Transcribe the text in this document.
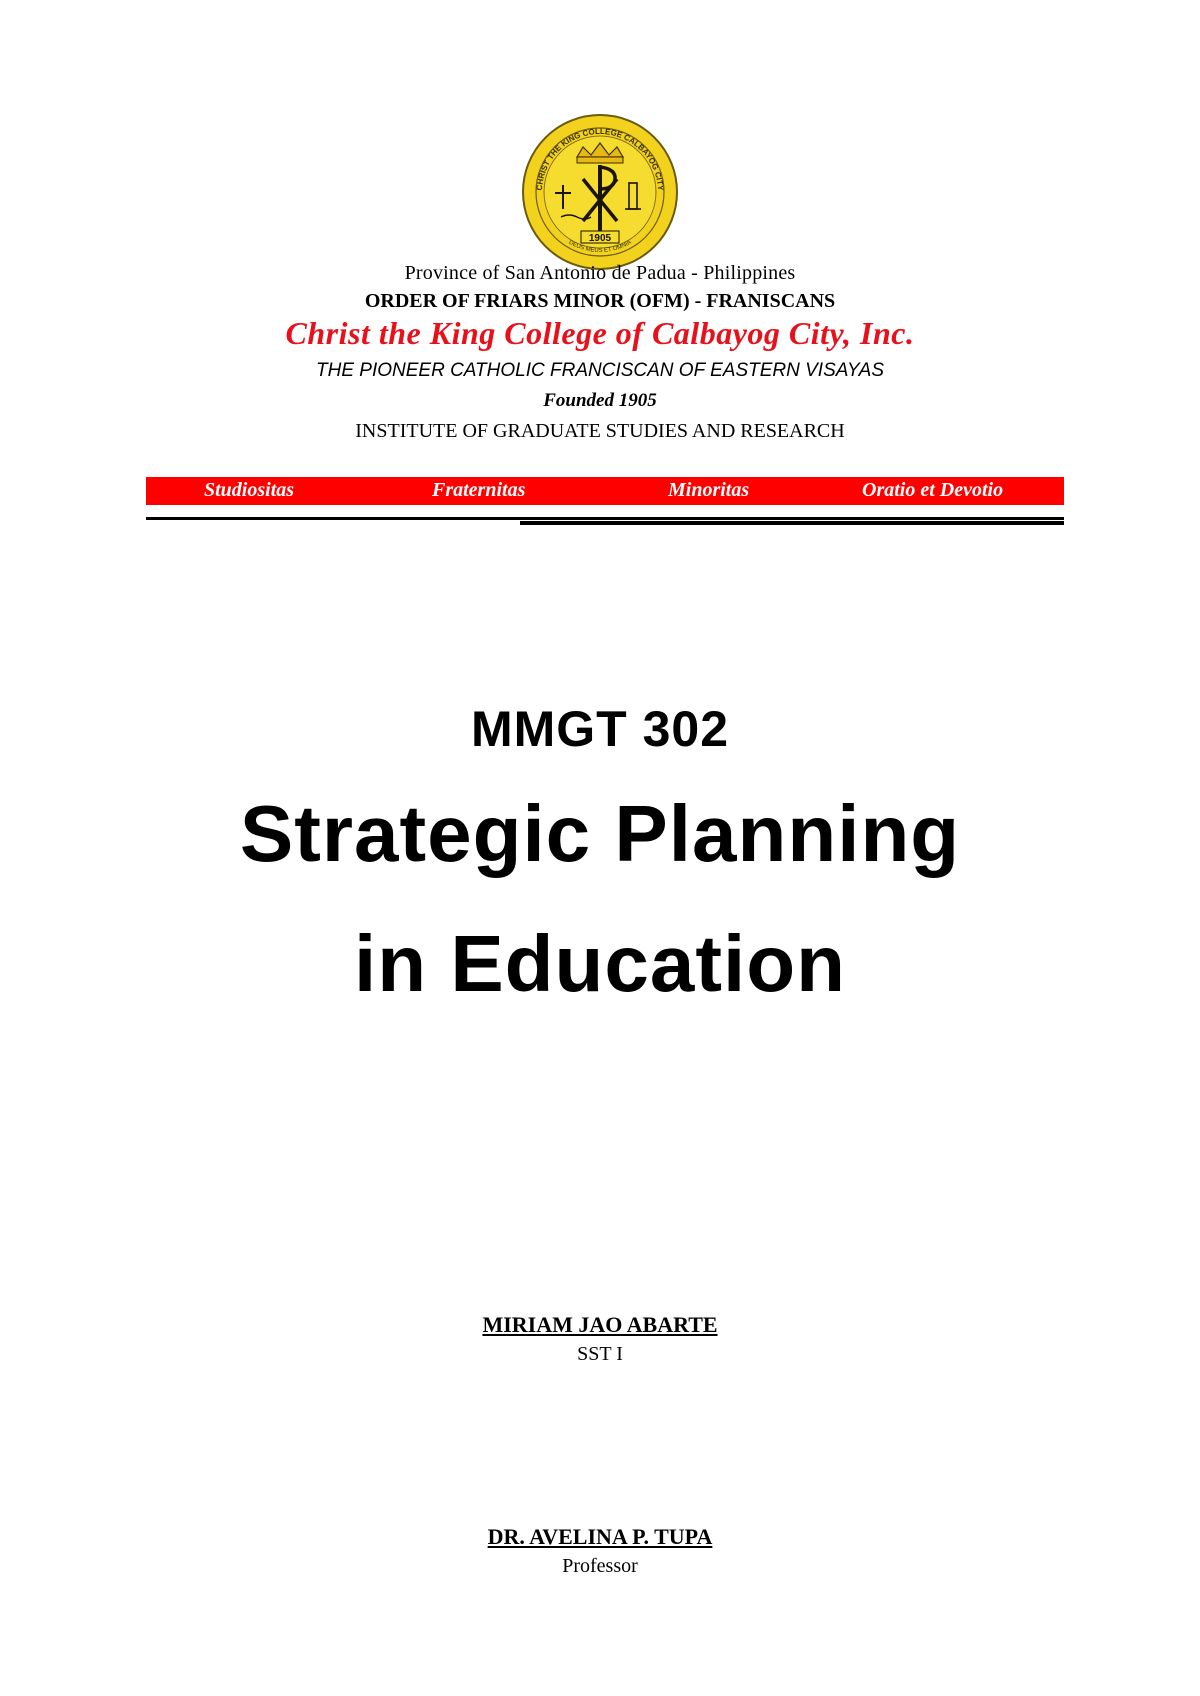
CHRIST THE KING COLLEGE CALBAYOG CITY
DEUS MEUS ET OMNIA
1905
Province of San Antonio de Padua - Philippines
ORDER OF FRIARS MINOR (OFM) - FRANISCANS
Christ the King College of Calbayog City, Inc.
THE PIONEER CATHOLIC FRANCISCAN OF EASTERN VISAYAS
Founded 1905
INSTITUTE OF GRADUATE STUDIES AND RESEARCH
Studiositas	Fraternitas	Minoritas	Oratio et Devotio
MMGT 302
Strategic Planning
in Education
MIRIAM JAO ABARTE
SST I
DR. AVELINA P. TUPA
Professor
